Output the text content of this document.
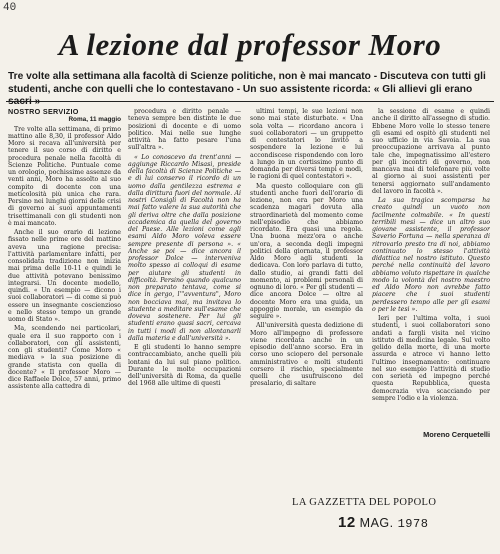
40
A lezione dal professor Moro
Tre volte alla settimana alla facoltà di Scienze politiche, non è mai mancato - Discuteva con tutti gli studenti, anche con quelli che lo contestavano - Un suo assistente ricorda: « Gli allievi gli erano
NOSTRO SERVIZIO
Roma, 11 maggio

Tre volte alla settimana, di primo mattino alle 8,30, il professor Aldo Moro si recava all'università per tenere il suo corso di diritto e procedura penale nella facoltà di Scienze Politiche. Puntuale come un orologio, pochissime assenze da venti anni, Moro ha assolto al suo compito di docente con una meticolosità più unica che rara. Persino nei lunghi giorni delle crisi di governo ai suoi appuntamenti trisettimanali con gli studenti non è mai mancato.

Anche il suo orario di lezione fissato nelle prime ore del mattino aveva una ragione precisa: l'attività parlamentare infatti, per consolidata tradizione non inizia mai prima delle 10-11 e quindi le due attività potevano benissimo integrarsi. Un docente modello, quindi. « Un esempio — dicono i suoi collaboratori — di come si può essere un insegnante coscienzioso e nello stesso tempo un grande uomo di Stato ».

Ma, scendendo nei particolari, quale era il suo rapporto con i collaboratori, con gli assistenti, con gli studenti? Come Moro « mediava » la sua posizione di grande statista con quella di docente? « Il professor Moro — dice Raffaele Dolce, 57 anni, primo assistente alla cattedra di

procedura e diritto penale — teneva sempre ben distinte le due posizioni di docente e di uomo politico. Mai nelle sue lunghe attività ha fatto pesare l'una sull'altra ».

« Lo conoscevo da trent'anni — aggiunge Riccardo Misasi, preside della facoltà di Scienze Politiche — e di lui conservo il ricordo di un uomo dalla gentilezza estrema e dalla dirittura fuori del normale. Ai nostri Consigli di Facoltà non ha mai fatto valere la sua autorità che gli deriva oltre che dalla posizione accademica da quella del governo del Paese. Alle lezioni come agli esami Aldo Moro voleva essere sempre presente di persona ». « Anche se poi — dice ancora il professor Dolce — interveniva molto spesso ai colloqui di esame per aiutare gli studenti in difficoltà. Persino quando qualcuno non preparato tentava, come si dice in gergo, l'"avventura", Moro non bocciava mai, ma invitava lo studente a meditare sull'esame che doveva sostenere. Per lui gli studenti erano quasi sacri, cercava in tutti i modi di non allontanarli dalla materia e dall'università ».

E gli studenti lo hanno sempre contraccambiato, anche quelli più lontani da lui sul piano politico. Durante le molte occupazioni dell'università di Roma, da quelle del 1968 alle ultime di questi

ultimi tempi, le sue lezioni non sono mai state disturbate. « Una sola volta — ricordano ancora i suoi collaboratori — un gruppetto di contestatori lo invitò a sospendere la lezione e lui accondiscese rispondendo con loro a lungo in un cortissimo punto di domanda per diversi tempi e modi, le ragioni di quel contestatori ».

Ma questo colloquiare con gli studenti anche fuori dell'orario di lezione, non era per Moro una scadenza magari dovuta alla straordinarietà del momento come nell'episodio che abbiamo ricordato. Era quasi una regola. Una buona mezz'ora o anche un'ora, a seconda degli impegni politici della giornata, il professor Aldo Moro agli studenti la dedicava. Con loro parlava di tutto, dallo studio, ai grandi fatti del momento, ai problemi personali di ognuno di loro. « Per gli studenti — dice ancora Dolce — oltre al docente Moro era una guida, un appoggio morale, un esempio da seguire ».

All'università questa dedizione di Moro all'impegno di professore viene ricordata anche in un episodio dell'anno scorso. Era in corso uno sciopero del personale amministrativo e molti studenti corsero il rischio, specialmente quelli che usufruiscono del presalario, di saltare

la sessione di esame e quindi anche il diritto all'assegno di studio. Ebbene Moro volle lo stesso tenere gli esami ed ospitò gli studenti nel suo ufficio in via Savoia. La sua preoccupazione arrivava al punto tale che, impegnatissimo all'estero per gli incontri di governo, non mancava mai di telefonare più volte al giorno ai suoi assistenti per tenersi aggiornato sull'andamento del lavoro in facoltà ».

La sua tragica scomparsa ha creato quindi un vuoto non facilmente colmabile. « In questi terribili mesi — dice un altro suo giovane assistente, il professor Saverio Fortuna — nella speranza di ritrovarlo presto tra di noi, abbiamo continuato lo stesso l'attività didattica nel nostro istituto. Questo perché nella continuità del lavoro abbiamo voluto rispettare in qualche modo la volontà del nostro maestro ed Aldo Moro non avrebbe fatto piacere che i suoi studenti perdessero tempo alle per gli esami o per le tesi ».

Ieri per l'ultima volta, i suoi studenti, i suoi collaboratori sono andati a fargli visita nel vicino istituto di medicina legale. Sul volto gelido della morte, di una morte assurda e atroce vi hanno letto l'ultimo insegnamento: continuare nel suo esempio l'attività di studio con serietà ed impegno perché questa Repubblica, questa democrazia viva scacciando per sempre l'odio e la violenza.

Moreno Cerquetelli
LA GAZZETTA DEL POPOLO
12 MAG. 1978
